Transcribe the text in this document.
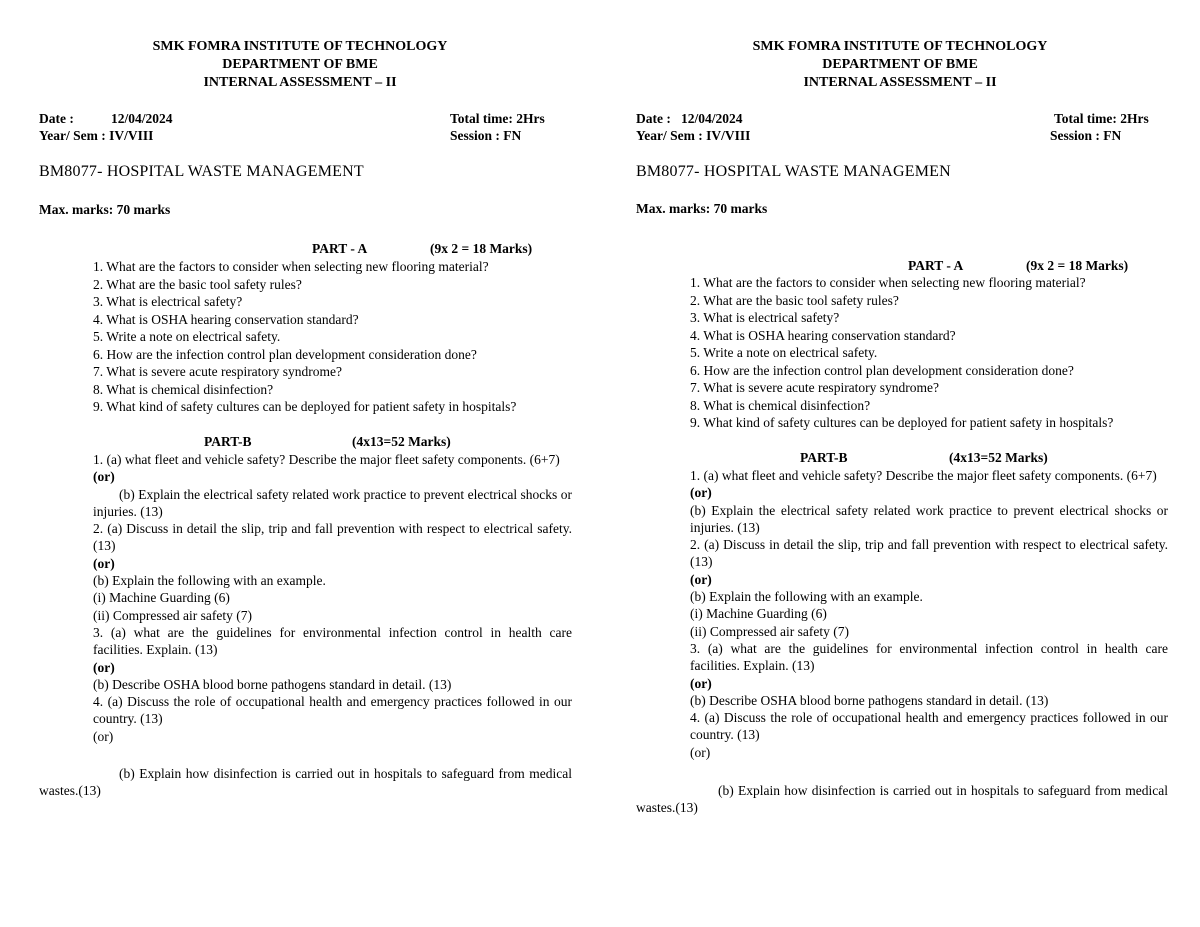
SMK FOMRA INSTITUTE OF TECHNOLOGY
DEPARTMENT OF BME
INTERNAL ASSESSMENT – II
Date :	12/04/2024	Total time: 2Hrs
Year/ Sem : IV/VIII	Session : FN
BM8077- HOSPITAL WASTE MANAGEMENT
Max. marks: 70 marks
PART - A	(9x 2 = 18 Marks)
1. What are the factors to consider when selecting new flooring material?
2. What are the basic tool safety rules?
3. What is electrical safety?
4. What is OSHA hearing conservation standard?
5. Write a note on electrical safety.
6. How are the infection control plan development consideration done?
7. What is severe acute respiratory syndrome?
8. What is chemical disinfection?
9. What kind of safety cultures can be deployed for patient safety in hospitals?
PART-B	(4x13=52 Marks)
1. (a) what fleet and vehicle safety? Describe the major fleet safety components. (6+7)
(or)
(b) Explain the electrical safety related work practice to prevent electrical shocks or injuries. (13)
2. (a) Discuss in detail the slip, trip and fall prevention with respect to electrical safety. (13)
(or)
(b) Explain the following with an example.
(i) Machine Guarding (6)
(ii) Compressed air safety (7)
3. (a) what are the guidelines for environmental infection control in health care facilities. Explain. (13)
(or)
(b) Describe OSHA blood borne pathogens standard in detail. (13)
4. (a) Discuss the role of occupational health and emergency practices followed in our country. (13)
(or)
(b) Explain how disinfection is carried out in hospitals to safeguard from medical wastes.(13)
SMK FOMRA INSTITUTE OF TECHNOLOGY
DEPARTMENT OF BME
INTERNAL ASSESSMENT – II
Date : 12/04/2024	Total time: 2Hrs
Year/ Sem : IV/VIII	Session : FN
BM8077- HOSPITAL WASTE MANAGEMEN
Max. marks: 70 marks
PART - A	(9x 2 = 18 Marks)
1. What are the factors to consider when selecting new flooring material?
2. What are the basic tool safety rules?
3. What is electrical safety?
4. What is OSHA hearing conservation standard?
5. Write a note on electrical safety.
6. How are the infection control plan development consideration done?
7. What is severe acute respiratory syndrome?
8. What is chemical disinfection?
9. What kind of safety cultures can be deployed for patient safety in hospitals?
PART-B	(4x13=52 Marks)
1. (a) what fleet and vehicle safety? Describe the major fleet safety components. (6+7)
(or)
(b) Explain the electrical safety related work practice to prevent electrical shocks or injuries. (13)
2. (a) Discuss in detail the slip, trip and fall prevention with respect to electrical safety. (13)
(or)
(b) Explain the following with an example.
(i) Machine Guarding (6)
(ii) Compressed air safety (7)
3. (a) what are the guidelines for environmental infection control in health care facilities. Explain. (13)
(or)
(b) Describe OSHA blood borne pathogens standard in detail. (13)
4. (a) Discuss the role of occupational health and emergency practices followed in our country. (13)
(or)
(b) Explain how disinfection is carried out in hospitals to safeguard from medical wastes.(13)
